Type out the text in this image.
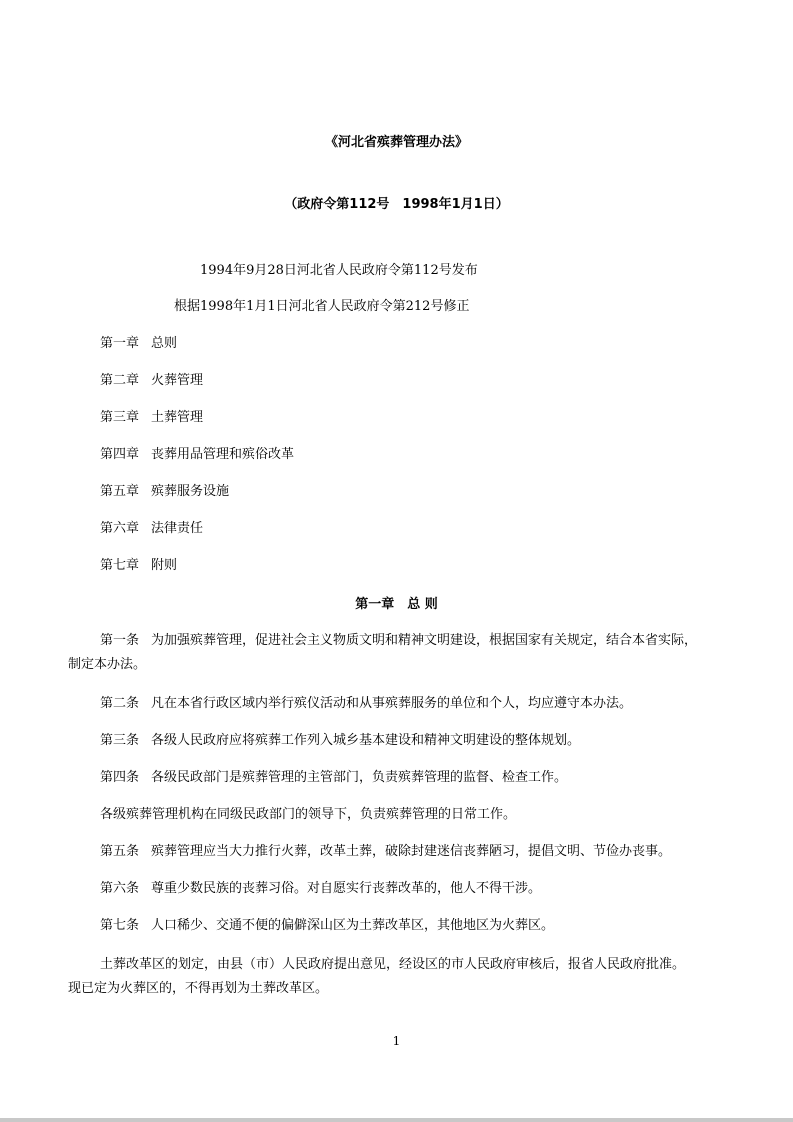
《河北省殡葬管理办法》
（政府令第112号　1998年1月1日）
1994年9月28日河北省人民政府令第112号发布
根据1998年1月1日河北省人民政府令第212号修正
第一章 总则
第二章 火葬管理
第三章 土葬管理
第四章 丧葬用品管理和殡俗改革
第五章 殡葬服务设施
第六章 法律责任
第七章 附则
第一章　总 则
第一条 为加强殡葬管理，促进社会主义物质文明和精神文明建设，根据国家有关规定，结合本省实际，
制定本办法。
第二条 凡在本省行政区域内举行殡仪活动和从事殡葬服务的单位和个人，均应遵守本办法。
第三条 各级人民政府应将殡葬工作列入城乡基本建设和精神文明建设的整体规划。
第四条 各级民政部门是殡葬管理的主管部门，负责殡葬管理的监督、检查工作。
各级殡葬管理机构在同级民政部门的领导下，负责殡葬管理的日常工作。
第五条 殡葬管理应当大力推行火葬，改革土葬，破除封建迷信丧葬陋习，提倡文明、节俭办丧事。
第六条 尊重少数民族的丧葬习俗。对自愿实行丧葬改革的，他人不得干涉。
第七条 人口稀少、交通不便的偏僻深山区为土葬改革区，其他地区为火葬区。
土葬改革区的划定，由县（市）人民政府提出意见，经设区的市人民政府审核后，报省人民政府批准。
现已定为火葬区的，不得再划为土葬改革区。
1
